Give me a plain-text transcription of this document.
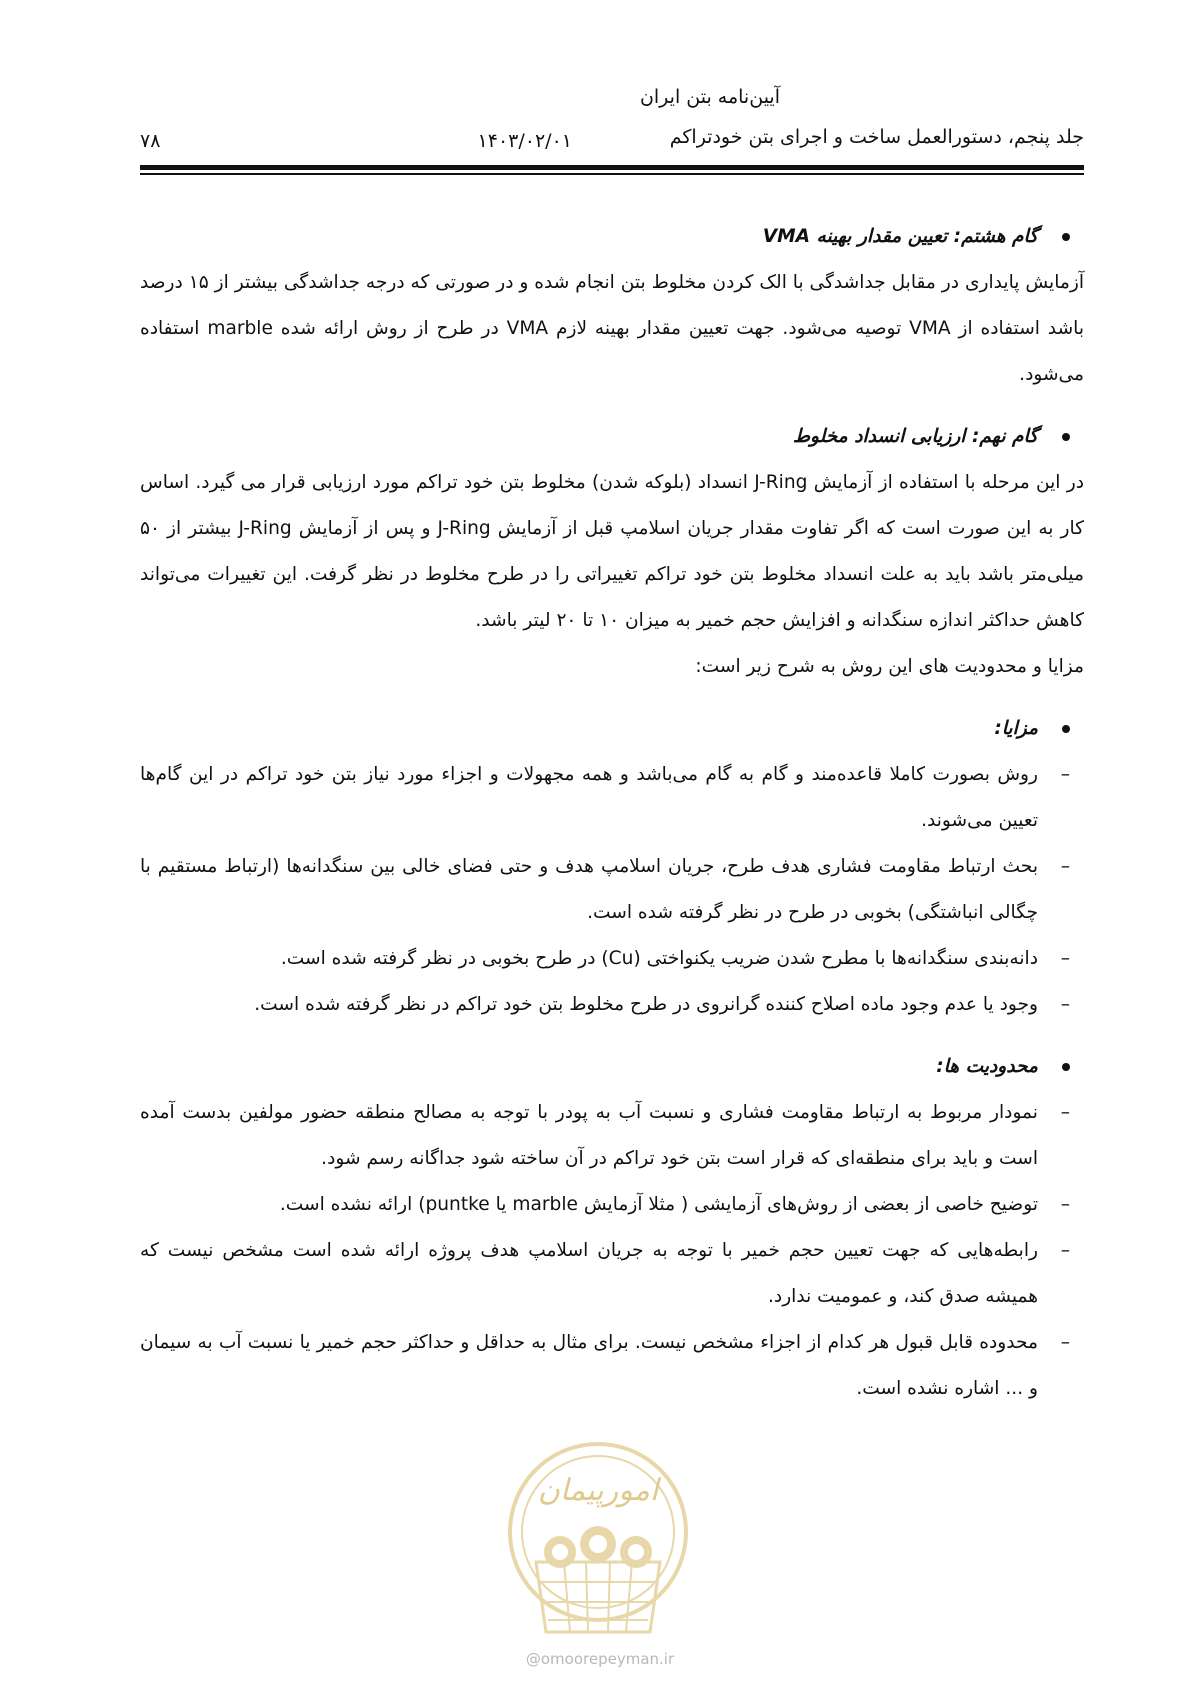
آیین‌نامه بتن ایران
جلد پنجم، دستورالعمل ساخت و اجرای بتن خودتراکم
۱۴۰۳/۰۲/۰۱
۷۸
گام هشتم: تعیین مقدار بهینه VMA

آزمایش پایداری در مقابل جداشدگی با الک کردن مخلوط بتن انجام شده و در صورتی که درجه جداشدگی بیشتر از ۱۵ درصد باشد استفاده از VMA توصیه می‌شود. جهت تعیین مقدار بهینه لازم VMA در طرح از روش ارائه شده marble استفاده می‌شود.

گام نهم: ارزیابی انسداد مخلوط

در این مرحله با استفاده از آزمایش J-Ring انسداد (بلوکه شدن) مخلوط بتن خود تراکم مورد ارزیابی قرار می گیرد. اساس کار به این صورت است که اگر تفاوت مقدار جریان اسلامپ قبل از آزمایش J-Ring و پس از آزمایش J-Ring بیشتر از ۵۰ میلی‌متر باشد باید به علت انسداد مخلوط بتن خود تراکم تغییراتی را در طرح مخلوط در نظر گرفت. این تغییرات می‌تواند کاهش حداکثر اندازه سنگدانه و افزایش حجم خمیر به میزان ۱۰ تا ۲۰ لیتر باشد.

مزایا و محدودیت های این روش به شرح زیر است:

مزایا:
– روش بصورت کاملا قاعده‌مند و گام به گام می‌باشد و همه مجهولات و اجزاء مورد نیاز بتن خود تراکم در این گام‌ها تعیین می‌شوند.
– بحث ارتباط مقاومت فشاری هدف طرح، جریان اسلامپ هدف و حتی فضای خالی بین سنگدانه‌ها (ارتباط مستقیم با چگالی انباشتگی) بخوبی در طرح در نظر گرفته شده است.
– دانه‌بندی سنگدانه‌ها با مطرح شدن ضریب یکنواختی (Cu) در طرح بخوبی در نظر گرفته شده است.
– وجود یا عدم وجود ماده اصلاح کننده گرانروی در طرح مخلوط بتن خود تراکم در نظر گرفته شده است.
محدودیت ها:
– نمودار مربوط به ارتباط مقاومت فشاری و نسبت آب به پودر با توجه به مصالح منطقه حضور مولفین بدست آمده است و باید برای منطقه‌ای که قرار است بتن خود تراکم در آن ساخته شود جداگانه رسم شود.
– توضیح خاصی از بعضی از روش‌های آزمایشی ( مثلا آزمایش marble یا puntke) ارائه نشده است.
– رابطه‌هایی که جهت تعیین حجم خمیر با توجه به جریان اسلامپ هدف پروژه ارائه شده است مشخص نیست که همیشه صدق کند، و عمومیت ندارد.
– محدوده قابل قبول هر کدام از اجزاء مشخص نیست. برای مثال به حداقل و حداکثر حجم خمیر یا نسبت آب به سیمان و ... اشاره نشده است.
امورپیمان
@omoorepeyman.ir
